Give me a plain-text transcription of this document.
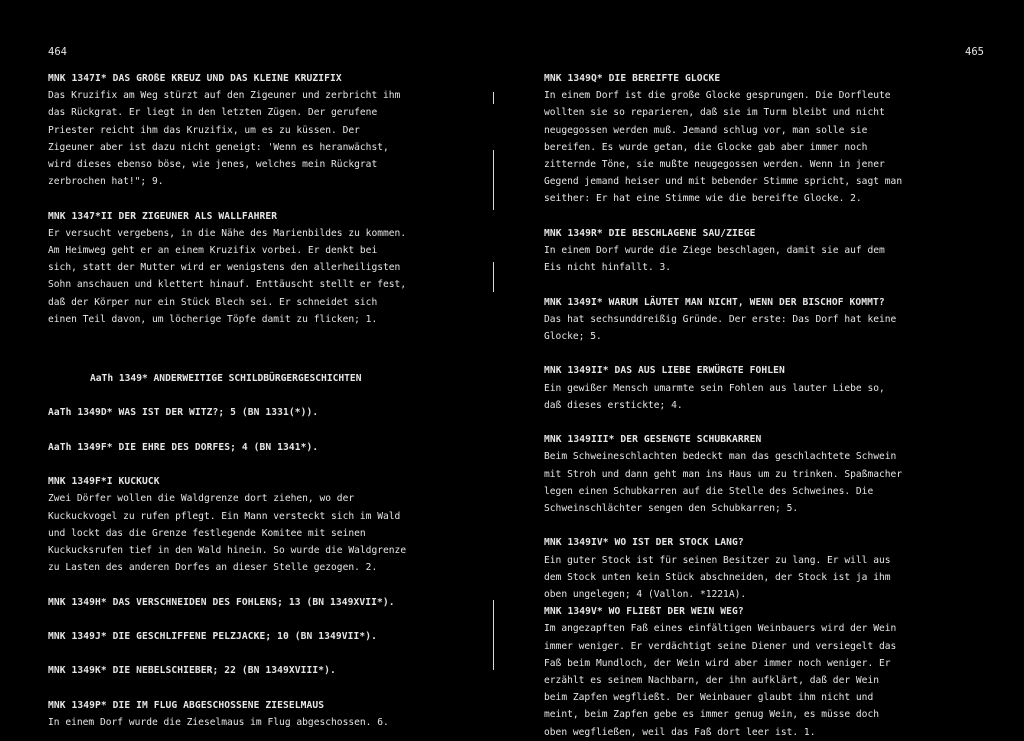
464
MNK 1347I* DAS GROßE KREUZ UND DAS KLEINE KRUZIFIX
Das Kruzifix am Weg stürzt auf den Zigeuner und zerbricht ihm
das Rückgrat. Er liegt in den letzten Zügen. Der gerufene
Priester reicht ihm das Kruzifix, um es zu küssen. Der
Zigeuner aber ist dazu nicht geneigt: 'Wenn es heranwächst,
wird dieses ebenso böse, wie jenes, welches mein Rückgrat
zerbrochen hat!"; 9.
MNK 1347*II DER ZIGEUNER ALS WALLFAHRER
Er versucht vergebens, in die Nähe des Marienbildes zu kommen.
Am Heimweg geht er an einem Kruzifix vorbei. Er denkt bei
sich, statt der Mutter wird er wenigstens den allerheiligsten
Sohn anschauen und klettert hinauf. Enttäuscht stellt er fest,
daß der Körper nur ein Stück Blech sei. Er schneidet sich
einen Teil davon, um löcherige Töpfe damit zu flicken; 1.
AaTh 1349* ANDERWEITIGE SCHILDBÜRGERGESCHICHTEN
AaTh 1349D* WAS IST DER WITZ?; 5 (BN 1331(*)).
AaTh 1349F* DIE EHRE DES DORFES; 4 (BN 1341*).
MNK 1349F*I KUCKUCK
Zwei Dörfer wollen die Waldgrenze dort ziehen, wo der
Kuckuckvogel zu rufen pflegt. Ein Mann versteckt sich im Wald
und lockt das die Grenze festlegende Komitee mit seinen
Kuckucksrufen tief in den Wald hinein. So wurde die Waldgrenze
zu Lasten des anderen Dorfes an dieser Stelle gezogen. 2.
MNK 1349H* DAS VERSCHNEIDEN DES FOHLENS; 13 (BN 1349XVII*).
MNK 1349J* DIE GESCHLIFFENE PELZJACKE; 10 (BN 1349VII*).
MNK 1349K* DIE NEBELSCHIEBER; 22 (BN 1349XVIII*).
MNK 1349P* DIE IM FLUG ABGESCHOSSENE ZIESELMAUS
In einem Dorf wurde die Zieselmaus im Flug abgeschossen. 6.
465
MNK 1349Q* DIE BEREIFTE GLOCKE
In einem Dorf ist die große Glocke gesprungen. Die Dorfleute
wollten sie so reparieren, daß sie im Turm bleibt und nicht
neugegossen werden muß. Jemand schlug vor, man solle sie
bereifen. Es wurde getan, die Glocke gab aber immer noch
zitternde Töne, sie mußte neugegossen werden. Wenn in jener
Gegend jemand heiser und mit bebender Stimme spricht, sagt man
seither: Er hat eine Stimme wie die bereifte Glocke. 2.
MNK 1349R* DIE BESCHLAGENE SAU/ZIEGE
In einem Dorf wurde die Ziege beschlagen, damit sie auf dem
Eis nicht hinfallt. 3.
MNK 1349I* WARUM LÄUTET MAN NICHT, WENN DER BISCHOF KOMMT?
Das hat sechsunddreißig Gründe. Der erste: Das Dorf hat keine
Glocke; 5.
MNK 1349II* DAS AUS LIEBE ERWÜRGTE FOHLEN
Ein gewißer Mensch umarmte sein Fohlen aus lauter Liebe so,
daß dieses erstickte; 4.
MNK 1349III* DER GESENGTE SCHUBKARREN
Beim Schweineschlachten bedeckt man das geschlachtete Schwein
mit Stroh und dann geht man ins Haus um zu trinken. Spaßmacher
legen einen Schubkarren auf die Stelle des Schweines. Die
Schweinschlächter sengen den Schubkarren; 5.
MNK 1349IV* WO IST DER STOCK LANG?
Ein guter Stock ist für seinen Besitzer zu lang. Er will aus
dem Stock unten kein Stück abschneiden, der Stock ist ja ihm
oben ungelegen; 4 (Vallon. *1221A).
MNK 1349V* WO FLIEßT DER WEIN WEG?
Im angezapften Faß eines einfältigen Weinbauers wird der Wein
immer weniger. Er verdächtigt seine Diener und versiegelt das
Faß beim Mundloch, der Wein wird aber immer noch weniger. Er
erzählt es seinem Nachbarn, der ihn aufklärt, daß der Wein
beim Zapfen wegfließt. Der Weinbauer glaubt ihm nicht und
meint, beim Zapfen gebe es immer genug Wein, es müsse doch
oben wegfließen, weil das Faß dort leer ist. 1.
